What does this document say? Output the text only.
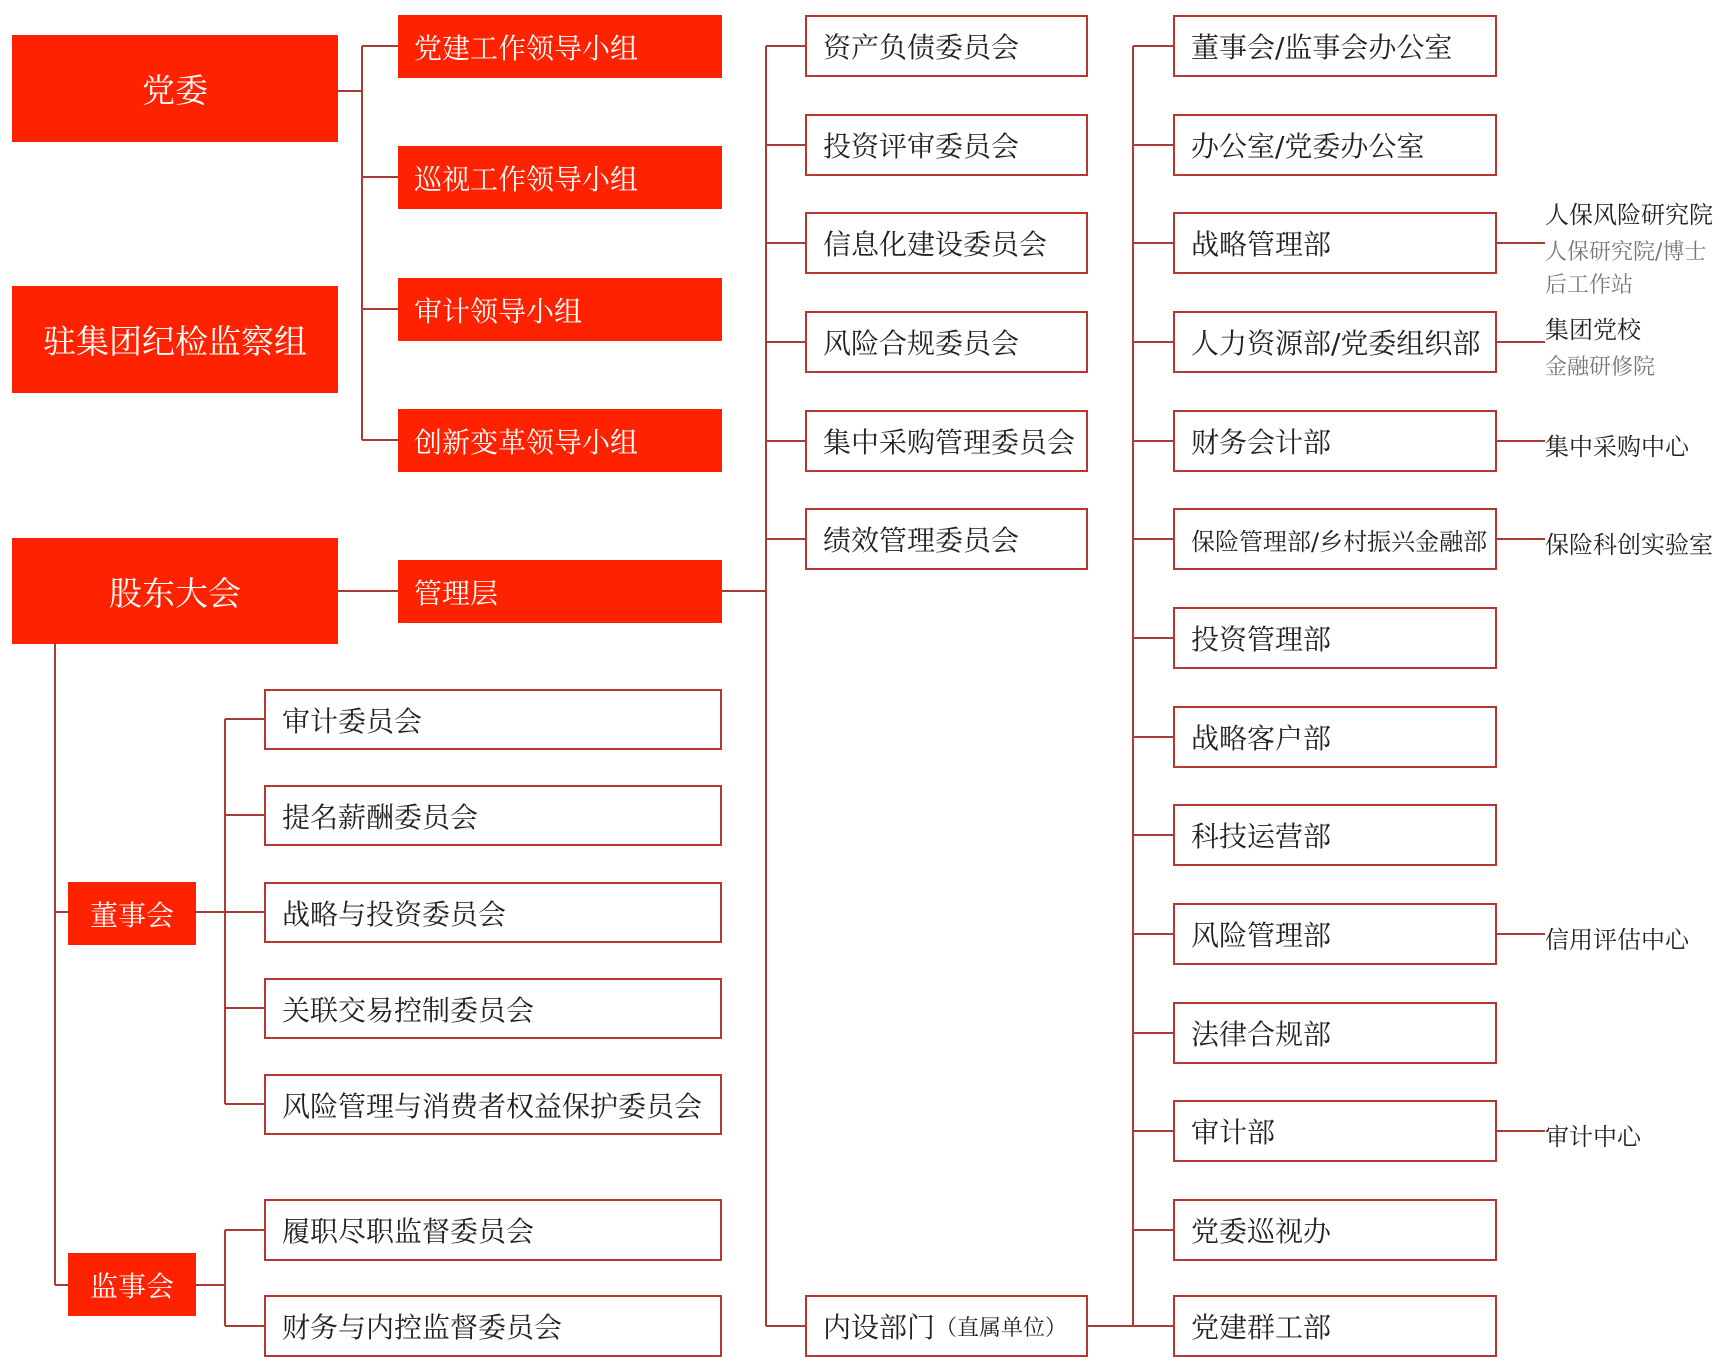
党委
驻集团纪检监察组
股东大会
党建工作领导小组
巡视工作领导小组
审计领导小组
创新变革领导小组
管理层
董事会
监事会
审计委员会
提名薪酬委员会
战略与投资委员会
关联交易控制委员会
风险管理与消费者权益保护委员会
履职尽职监督委员会
财务与内控监督委员会
资产负债委员会
投资评审委员会
信息化建设委员会
风险合规委员会
集中采购管理委员会
绩效管理委员会
内设部门 （直属单位）
董事会/监事会办公室
办公室/党委办公室
战略管理部
人力资源部/党委组织部
财务会计部
保险管理部/乡村振兴金融部
投资管理部
战略客户部
科技运营部
风险管理部
法律合规部
审计部
党委巡视办
党建群工部
人保风险研究院
人保研究院/博士
后工作站
集团党校
金融研修院
集中采购中心
保险科创实验室
信用评估中心
审计中心
